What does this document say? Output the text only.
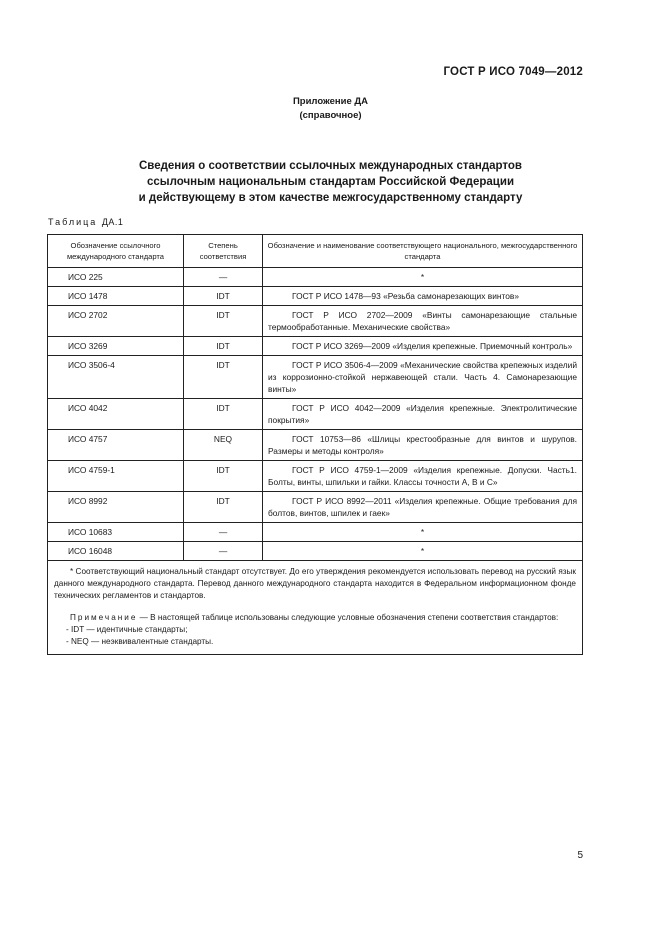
ГОСТ Р ИСО 7049—2012
Приложение ДА
(справочное)
Сведения о соответствии ссылочных международных стандартов
ссылочным национальным стандартам Российской Федерации
и действующему в этом качестве межгосударственному стандарту
Таблица ДА.1
Обозначение ссылочного международного стандарта	Степень соответствия	Обозначение и наименование соответствующего национального, межгосударственного стандарта
ИСО 225	—	*
ИСО 1478	IDT	ГОСТ Р ИСО 1478—93 «Резьба самонарезающих винтов»
ИСО 2702	IDT	ГОСТ Р ИСО 2702—2009 «Винты самонарезающие стальные термообработанные. Механические свойства»
ИСО 3269	IDT	ГОСТ Р ИСО 3269—2009 «Изделия крепежные. Приемочный контроль»
ИСО 3506-4	IDT	ГОСТ Р ИСО 3506-4—2009 «Механические свойства крепежных изделий из коррозионно-стойкой нержавеющей стали. Часть 4. Самонарезающие винты»
ИСО 4042	IDT	ГОСТ Р ИСО 4042—2009 «Изделия крепежные. Электролитические покрытия»
ИСО 4757	NEQ	ГОСТ 10753—86 «Шлицы крестообразные для винтов и шурупов. Размеры и методы контроля»
ИСО 4759-1	IDT	ГОСТ Р ИСО 4759-1—2009 «Изделия крепежные. Допуски. Часть1. Болты, винты, шпильки и гайки. Классы точности А, В и С»
ИСО 8992	IDT	ГОСТ Р ИСО 8992—2011 «Изделия крепежные. Общие требования для болтов, винтов, шпилек и гаек»
ИСО 10683	—	*
ИСО 16048	—	*

* Соответствующий национальный стандарт отсутствует. До его утверждения рекомендуется использовать перевод на русский язык данного международного стандарта. Перевод данного международного стандарта находится в Федеральном информационном фонде технических регламентов и стандартов.
Примечание — В настоящей таблице использованы следующие условные обозначения степени соответствия стандартов:
- IDT — идентичные стандарты;
- NEQ — неэквивалентные стандарты.		
5
